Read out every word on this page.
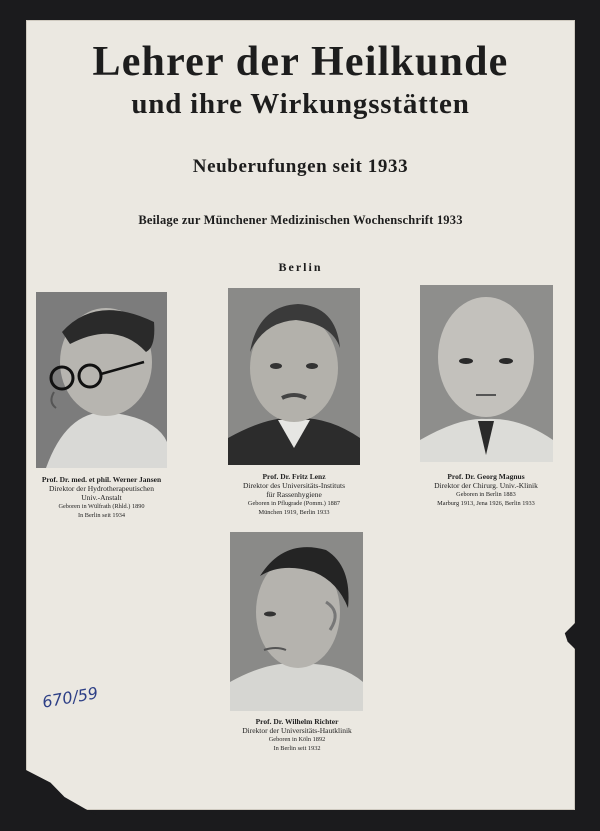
Lehrer der Heilkunde
und ihre Wirkungsstätten
Neuberufungen seit 1933
Beilage zur Münchener Medizinischen Wochenschrift 1933
Berlin
Prof. Dr. med. et phil. Werner Jansen
Direktor der Hydrotherapeutischen
Univ.-Anstalt
Geboren in Wülfrath (Rhld.) 1890
In Berlin seit 1934
Prof. Dr. Fritz Lenz
Direktor des Universitäts-Instituts
für Rassenhygiene
Geboren in Pflugrade (Pomm.) 1887
München 1919, Berlin 1933
Prof. Dr. Georg Magnus
Direktor der Chirurg. Univ.-Klinik
Geboren in Berlin 1883
Marburg 1913, Jena 1926, Berlin 1933
Prof. Dr. Wilhelm Richter
Direktor der Universitäts-Hautklinik
Geboren in Köln 1892
In Berlin seit 1932
670/59
